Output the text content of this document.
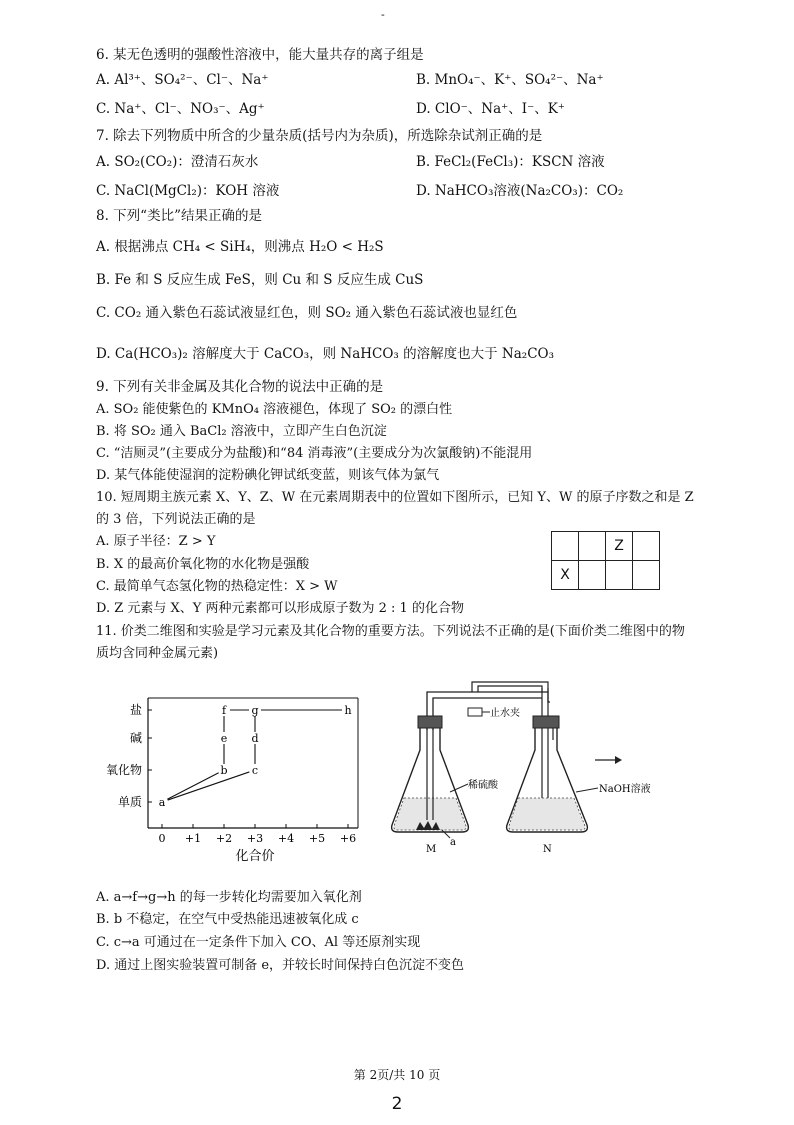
-
6. 某无色透明的强酸性溶液中，能大量共存的离子组是
A. Al³⁺、SO₄²⁻、Cl⁻、Na⁺	B. MnO₄⁻、K⁺、SO₄²⁻、Na⁺
C. Na⁺、Cl⁻、NO₃⁻、Ag⁺	D. ClO⁻、Na⁺、I⁻、K⁺
7. 除去下列物质中所含的少量杂质(括号内为杂质)，所选除杂试剂正确的是
A. SO₂(CO₂)：澄清石灰水	B. FeCl₂(FeCl₃)：KSCN 溶液
C. NaCl(MgCl₂)：KOH 溶液	D. NaHCO₃溶液(Na₂CO₃)：CO₂
8. 下列“类比”结果正确的是
A. 根据沸点 CH₄ < SiH₄，则沸点 H₂O < H₂S
B. Fe 和 S 反应生成 FeS，则 Cu 和 S 反应生成 CuS
C. CO₂ 通入紫色石蕊试液显红色，则 SO₂ 通入紫色石蕊试液也显红色
D. Ca(HCO₃)₂ 溶解度大于 CaCO₃，则 NaHCO₃ 的溶解度也大于 Na₂CO₃
9. 下列有关非金属及其化合物的说法中正确的是
A. SO₂ 能使紫色的 KMnO₄ 溶液褪色，体现了 SO₂ 的漂白性
B. 将 SO₂ 通入 BaCl₂ 溶液中，立即产生白色沉淀
C. “洁厕灵”(主要成分为盐酸)和“84 消毒液”(主要成分为次氯酸钠)不能混用
D. 某气体能使湿润的淀粉碘化钾试纸变蓝，则该气体为氯气
10. 短周期主族元素 X、Y、Z、W 在元素周期表中的位置如下图所示，已知 Y、W 的原子序数之和是 Z
的 3 倍，下列说法正确的是
A. 原子半径：Z > Y
B. X 的最高价氧化物的水化物是强酸
C. 最简单气态氢化物的热稳定性：X > W
D. Z 元素与 X、Y 两种元素都可以形成原子数为 2 : 1 的化合物
		Z	
X			
11. 价类二维图和实验是学习元素及其化合物的重要方法。下列说法不正确的是(下面价类二维图中的物
质均含同种金属元素)
0 +1 +2 +3 +4 +5 +6
单质
氧化物
碱
盐
a
b c
e d
f g	h
化合价
止水夹
稀硫酸
a
M
NaOH溶液
N
A. a→f→g→h 的每一步转化均需要加入氧化剂
B. b 不稳定，在空气中受热能迅速被氧化成 c
C. c→a 可通过在一定条件下加入 CO、Al 等还原剂实现
D. 通过上图实验装置可制备 e，并较长时间保持白色沉淀不变色
第 2页/共 10 页
2
